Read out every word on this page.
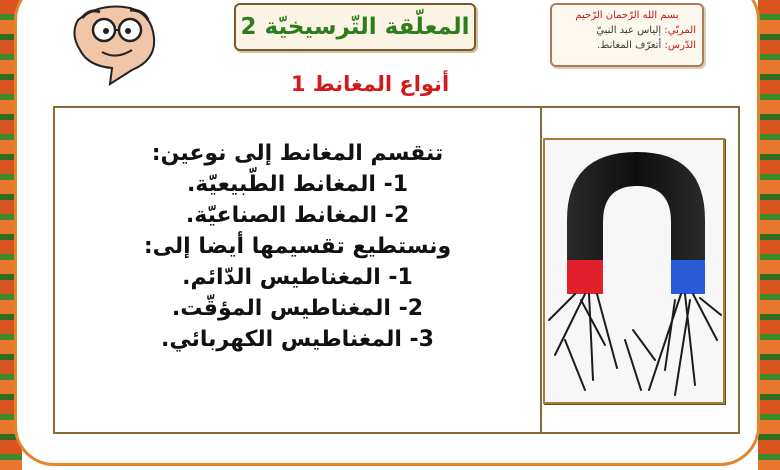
المعلّقة التّرسيخيّة 2	بسم الله الرّحمان الرّحيم
المربّي: إلياس عبد النبيّ
الدّرس: أتعرّف المغانط.
أنواع المغانط 1
تنقسم المغانط إلى نوعين:
1- المغانط الطّبيعيّة.
2- المغانط الصناعيّة.
ونستطيع تقسيمها أيضا إلى:
1- المغناطيس الدّائم.
2- المغناطيس المؤقّت.
3- المغناطيس الكهربائي.
